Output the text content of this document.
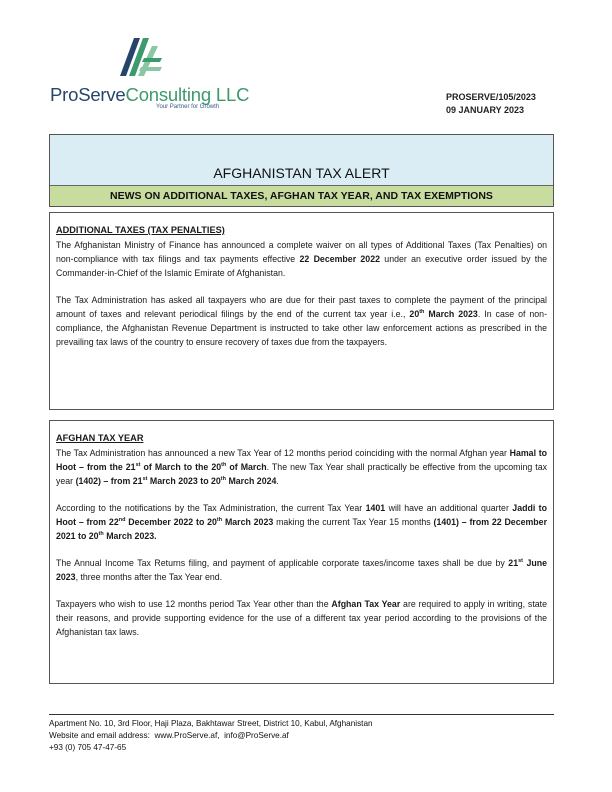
ProServeConsulting LLC
Your Partner for Growth
PROSERVE/105/2023
09 JANUARY 2023
AFGHANISTAN TAX ALERT
NEWS ON ADDITIONAL TAXES, AFGHAN TAX YEAR, AND TAX EXEMPTIONS
ADDITIONAL TAXES (TAX PENALTIES)

The Afghanistan Ministry of Finance has announced a complete waiver on all types of Additional Taxes (Tax Penalties) on non-compliance with tax filings and tax payments effective 22 December 2022 under an executive order issued by the Commander-in-Chief of the Islamic Emirate of Afghanistan.

The Tax Administration has asked all taxpayers who are due for their past taxes to complete the payment of the principal amount of taxes and relevant periodical filings by the end of the current tax year i.e., 20th March 2023. In case of non-compliance, the Afghanistan Revenue Department is instructed to take other law enforcement actions as prescribed in the prevailing tax laws of the country to ensure recovery of taxes due from the taxpayers.

AFGHAN TAX YEAR

The Tax Administration has announced a new Tax Year of 12 months period coinciding with the normal Afghan year Hamal to Hoot – from the 21st of March to the 20th of March. The new Tax Year shall practically be effective from the upcoming tax year (1402) – from 21st March 2023 to 20th March 2024.

According to the notifications by the Tax Administration, the current Tax Year 1401 will have an additional quarter Jaddi to Hoot – from 22nd December 2022 to 20th March 2023 making the current Tax Year 15 months (1401) – from 22 December 2021 to 20th March 2023.

The Annual Income Tax Returns filing, and payment of applicable corporate taxes/income taxes shall be due by 21st June 2023, three months after the Tax Year end.

Taxpayers who wish to use 12 months period Tax Year other than the Afghan Tax Year are required to apply in writing, state their reasons, and provide supporting evidence for the use of a different tax year period according to the provisions of the Afghanistan tax laws.

Apartment No. 10, 3rd Floor, Haji Plaza, Bakhtawar Street, District 10, Kabul, Afghanistan
Website and email address: www.ProServe.af,  info@ProServe.af
+93 (0) 705 47-47-65
